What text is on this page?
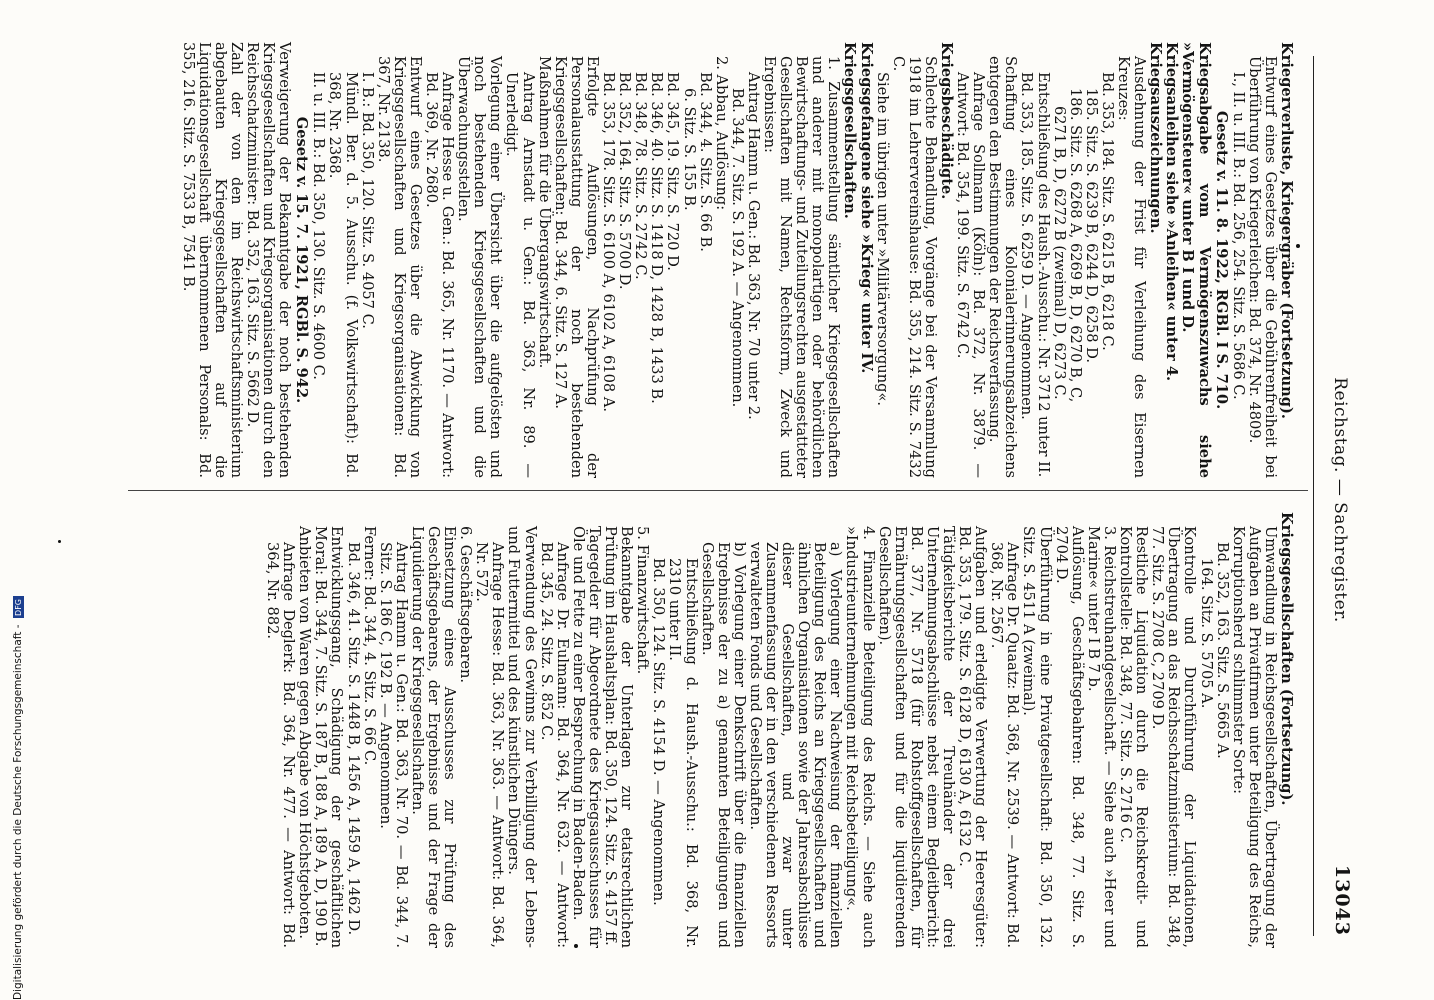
Reichstag. — Sachregister.
13043
Kriegerverluste, Kriegergräber (Fortsetzung).
Entwurf eines Gesetzes über die Gebührenfreiheit bei Überführung von Kriegerleichen: Bd. 374, Nr. 4809.
I., II. u. III. B.: Bd. 256, 254. Sitz. S. 5686 C.
Gesetz v. 11. 8. 1922, RGBl. I S. 710.
Kriegsabgabe vom Vermögenszuwachs siehe »Vermögensteuer« unter B I und D.
Kriegsanleihen siehe »Anleihen« unter 4.
Kriegsauszeichnungen.
Ausdehnung der Frist für Verleihung des Eisernen Kreuzes:
Bd. 353, 184. Sitz. S. 6215 B, 6218 C.
185. Sitz. S. 6239 B, 6244 D, 6258 D.
186. Sitz. S. 6268 A, 6269 B, D, 6270 B, C,
6271 B, D, 6272 B (zweimal) D, 6273 C.
Entschließung des Haush.-Ausschu.: Nr. 3712 unter II.
Bd. 353, 185. Sitz. S. 6259 D. — Angenommen.
Schaffung eines Kolonialerinnerungsabzeichens entgegen den Bestimmungen der Reichsverfassung.
Anfrage Sollmann (Köln): Bd. 372, Nr. 3879. — Antwort: Bd. 354, 199. Sitz. S. 6742 C.
Kriegsbeschädigte.
Schlechte Behandlung, Vorgänge bei der Versammlung 1918 im Lehrervereinshause: Bd. 355, 214. Sitz. S. 7432 C.
Siehe im übrigen unter »Militärversorgung«.
Kriegsgefangene siehe »Krieg« unter IV.
Kriegsgesellschaften.
1. Zusammenstellung sämtlicher Kriegsgesellschaften und anderer mit monopolartigen oder behördlichen Bewirtschaftungs- und Zuteilungsrechten ausgestatteter Gesellschaften mit Namen, Rechtsform, Zweck und Ergebnissen:
Antrag Hamm u. Gen.: Bd. 363, Nr. 70 unter 2.
Bd. 344, 7. Sitz. S. 192 A. — Angenommen.
2. Abbau, Auflösung:
Bd. 344, 4. Sitz. S. 66 B.
6. Sitz. S. 155 B.
Bd. 345, 19. Sitz. S. 720 D.
Bd. 346, 40. Sitz. S. 1418 D, 1428 B, 1433 B.
Bd. 348, 78. Sitz. S. 2742 C.
Bd. 352, 164. Sitz. S. 5700 D.
Bd. 353, 178. Sitz. S. 6100 A, 6102 A, 6108 A.
Erfolgte Auflösungen, Nachprüfung der Personalausstattung der noch bestehenden Kriegsgesellschaften: Bd. 344, 6. Sitz. S. 127 A.
Maßnahmen für die Übergangswirtschaft.
Antrag Arnstadt u. Gen.: Bd. 363, Nr. 89. — Unerledigt.
Vorlegung einer Übersicht über die aufgelösten und noch bestehenden Kriegsgesellschaften und die Überwachungsstellen.
Anfrage Hesse u. Gen.: Bd. 365, Nr. 1170. — Antwort: Bd. 369, Nr. 2680.
Entwurf eines Gesetzes über die Abwicklung von Kriegsgesellschaften und Kriegsorganisationen: Bd. 367, Nr. 2138.
I. B.: Bd. 350, 120. Sitz. S. 4057 C.
Mündl. Ber. d. 5. Ausschu. (f. Volkswirtschaft): Bd. 368, Nr. 2368.
II. u. III. B.: Bd. 350, 130. Sitz. S. 4600 C.
Gesetz v. 15. 7. 1921, RGBl. S. 942.
Verweigerung der Bekanntgabe der noch bestehenden Kriegsgesellschaften und Kriegsorganisationen durch den Reichsschatzminister: Bd. 352, 163. Sitz. S. 5662 D.
Zahl der von den im Reichswirtschaftsministerium abgebauten Kriegsgesellschaften auf die Liquidationsgesellschaft übernommenen Personals: Bd. 355, 216. Sitz. S. 7533 B, 7541 B.
Kriegsgesellschaften (Fortsetzung).
Umwandlung in Reichsgesellschaften, Übertragung der Aufgaben an Privatfirmen unter Beteiligung des Reichs, Korruptionsherd schlimmster Sorte:
Bd. 352, 163. Sitz. S. 5665 A.
164. Sitz. S. 5705 A.
Kontrolle und Durchführung der Liquidationen, Übertragung an das Reichsschatzministerium: Bd. 348, 77. Sitz. S. 2708 C, 2709 D.
Restliche Liquidation durch die Reichskredit- und Kontrollstelle: Bd. 348, 77. Sitz. S. 2716 C.
3. Reichstreuhandgesellschaft. — Siehe auch »Heer und Marine« unter I B 7 b.
Auflösung, Geschäftsgebahren: Bd. 348, 77. Sitz. S. 2704 D.
Überführung in eine Privatgesellschaft: Bd. 350, 132. Sitz. S. 4511 A (zweimal).
Anfrage Dr. Quaatz: Bd. 368, Nr. 2539. — Antwort: Bd. 368, Nr. 2567.
Aufgaben und erledigte Verwertung der Heeresgüter: Bd. 353, 179. Sitz. S. 6128 D, 6130 A, 6132 C.
Tätigkeitsberichte der Treuhänder der drei Unternehmungsabschlüsse nebst einem Begleitbericht: Bd. 377, Nr. 5718 (für Rohstoffgesellschaften, für Ernährungsgesellschaften und für die liquidierenden Gesellschaften).
4. Finanzielle Beteiligung des Reichs. — Siehe auch »Industrieunternehmungen mit Reichsbeteiligung«.
a) Vorlegung einer Nachweisung der finanziellen Beteiligung des Reichs an Kriegsgesellschaften und ähnlichen Organisationen sowie der Jahresabschlüsse dieser Gesellschaften, und zwar unter Zusammenfassung der in den verschiedenen Ressorts verwalteten Fonds und Gesellschaften.
b) Vorlegung einer Denkschrift über die finanziellen Ergebnisse der zu a) genannten Beteiligungen und Gesellschaften.
Entschließung d. Haush.-Ausschu.: Bd. 368, Nr. 2310 unter II.
Bd. 350, 124. Sitz. S. 4154 D. — Angenommen.
5. Finanzwirtschaft.
Bekanntgabe der Unterlagen zur etatsrechtlichen Prüfung im Haushaltsplan: Bd. 350, 124. Sitz. S. 4157 ff.
Tagegelder für Abgeordnete des Kriegsausschusses für Öle und Fette zu einer Besprechung in Baden-Baden.
Anfrage Dr. Eulmann: Bd. 364, Nr. 632. — Antwort: Bd. 345, 24. Sitz. S. 852 C.
Verwendung des Gewinns zur Verbilligung der Lebens- und Futtermittel und des künstlichen Düngers.
Anfrage Hesse: Bd. 363, Nr. 363. — Antwort: Bd. 364, Nr. 572.
6. Geschäftsgebaren.
Einsetzung eines Ausschusses zur Prüfung des Geschäftsgebarens, der Ergebnisse und der Frage der Liquidierung der Kriegsgesellschaften.
Antrag Hamm u. Gen.: Bd. 363, Nr. 70. — Bd. 344, 7. Sitz. S. 186 C, 192 B. — Angenommen.
Ferner: Bd. 344, 4. Sitz. S. 66 C.
Bd. 346, 41. Sitz. S. 1448 B, 1456 A, 1459 A, 1462 D.
Entwicklungsgang, Schädigung der geschäftlichen Moral: Bd. 344, 7. Sitz. S. 187 B, 188 A, 189 A, D, 190 B.
Anbieten von Waren gegen Abgabe von Höchstgeboten.
Anfrage Deglerk: Bd. 364, Nr. 477. — Antwort: Bd. 364, Nr. 882.
Digitalisierung gefördert durch die Deutsche Forschungsgemeinschaft -DFG
